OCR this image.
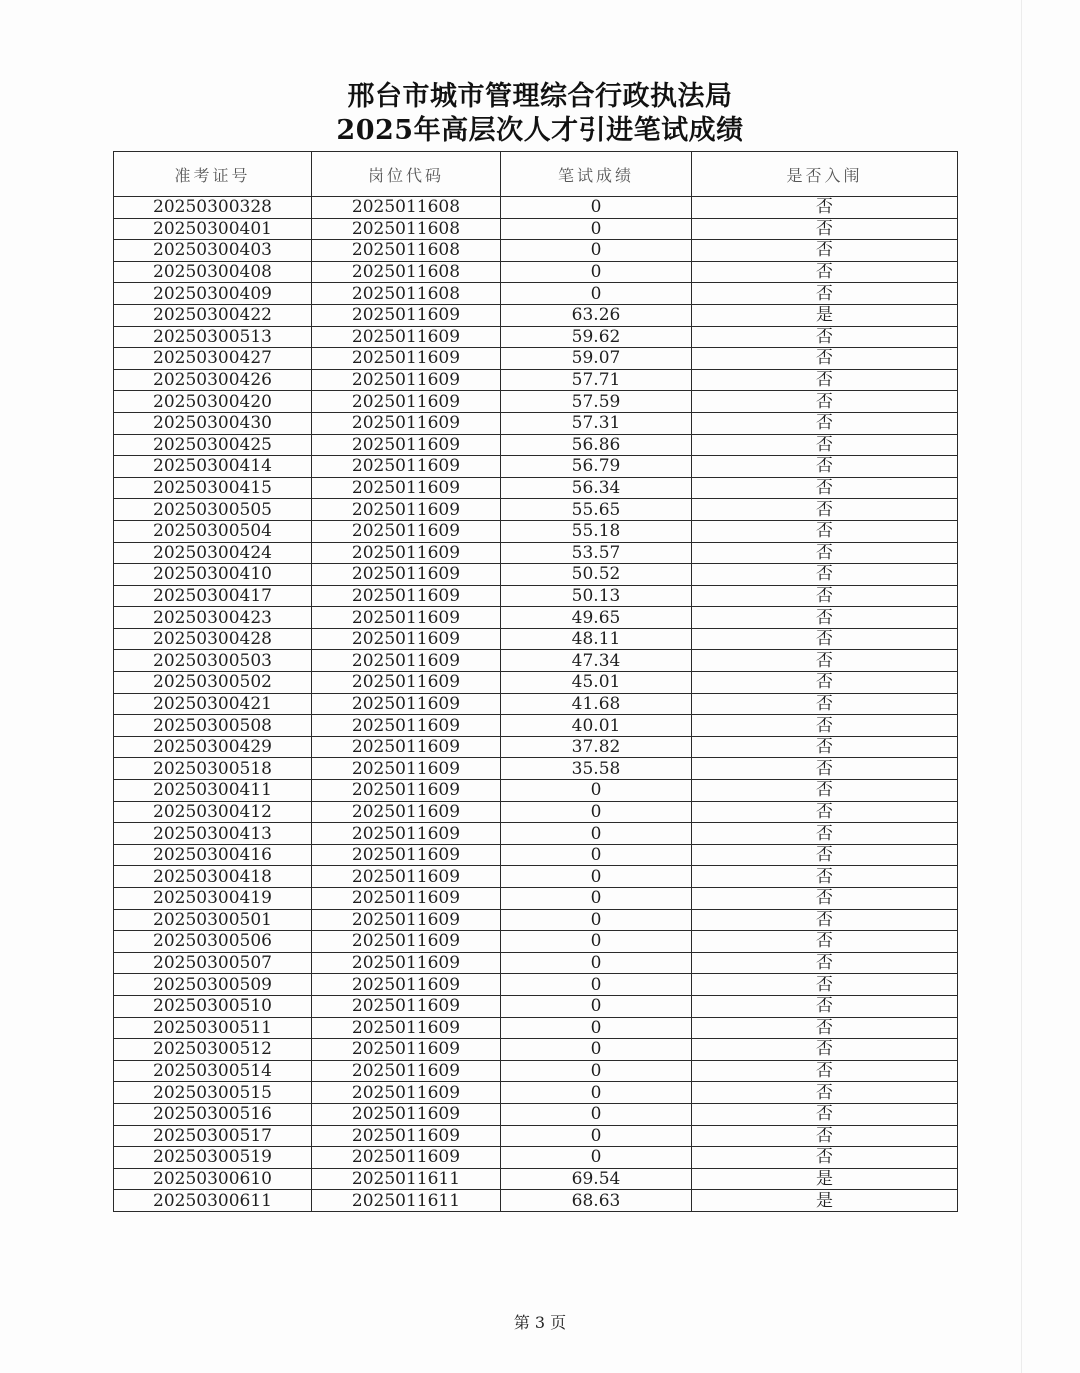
邢台市城市管理综合行政执法局
2025年高层次人才引进笔试成绩
准考证号	岗位代码	笔试成绩	是否入闱
20250300328	2025011608	0	否
20250300401	2025011608	0	否
20250300403	2025011608	0	否
20250300408	2025011608	0	否
20250300409	2025011608	0	否
20250300422	2025011609	63.26	是
20250300513	2025011609	59.62	否
20250300427	2025011609	59.07	否
20250300426	2025011609	57.71	否
20250300420	2025011609	57.59	否
20250300430	2025011609	57.31	否
20250300425	2025011609	56.86	否
20250300414	2025011609	56.79	否
20250300415	2025011609	56.34	否
20250300505	2025011609	55.65	否
20250300504	2025011609	55.18	否
20250300424	2025011609	53.57	否
20250300410	2025011609	50.52	否
20250300417	2025011609	50.13	否
20250300423	2025011609	49.65	否
20250300428	2025011609	48.11	否
20250300503	2025011609	47.34	否
20250300502	2025011609	45.01	否
20250300421	2025011609	41.68	否
20250300508	2025011609	40.01	否
20250300429	2025011609	37.82	否
20250300518	2025011609	35.58	否
20250300411	2025011609	0	否
20250300412	2025011609	0	否
20250300413	2025011609	0	否
20250300416	2025011609	0	否
20250300418	2025011609	0	否
20250300419	2025011609	0	否
20250300501	2025011609	0	否
20250300506	2025011609	0	否
20250300507	2025011609	0	否
20250300509	2025011609	0	否
20250300510	2025011609	0	否
20250300511	2025011609	0	否
20250300512	2025011609	0	否
20250300514	2025011609	0	否
20250300515	2025011609	0	否
20250300516	2025011609	0	否
20250300517	2025011609	0	否
20250300519	2025011609	0	否
20250300610	2025011611	69.54	是
20250300611	2025011611	68.63	是
第 3 页
